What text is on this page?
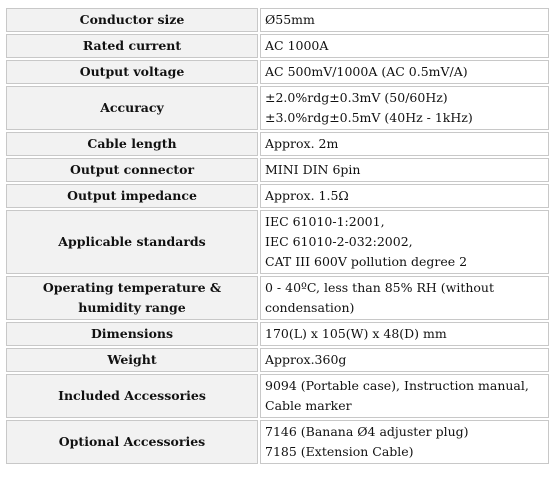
Conductor size	Ø55mm

Rated current	AC 1000A

Output voltage	AC 500mV/1000A (AC 0.5mV/A)

Accuracy	±2.0%rdg±0.3mV (50/60Hz)
±3.0%rdg±0.5mV (40Hz - 1kHz)

Cable length	Approx. 2m

Output connector	MINI DIN 6pin

Output impedance	Approx. 1.5Ω

Applicable standards	IEC 61010-1:2001,
IEC 61010-2-032:2002,
CAT III 600V pollution degree 2

Operating temperature &
humidity range	0 - 40ºC, less than 85% RH (without
condensation)

Dimensions	170(L) x 105(W) x 48(D) mm

Weight	Approx.360g

Included Accessories	9094 (Portable case), Instruction manual,
Cable marker

Optional Accessories	7146 (Banana Ø4 adjuster plug)
7185 (Extension Cable)
